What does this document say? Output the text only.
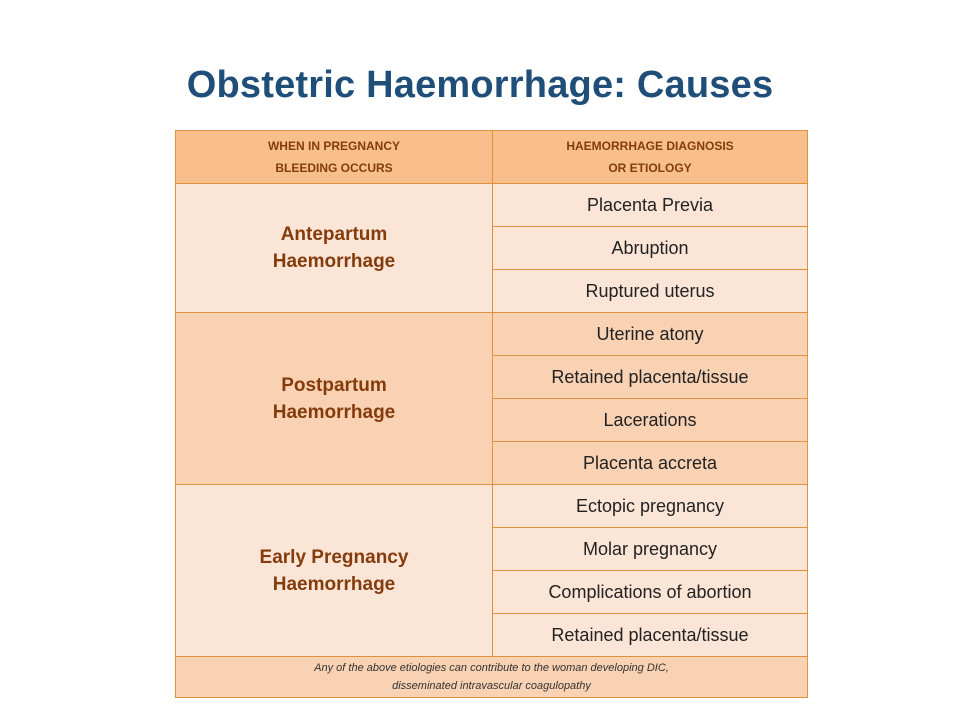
Obstetric Haemorrhage: Causes
WHEN IN PREGNANCY
BLEEDING OCCURS	HAEMORRHAGE DIAGNOSIS
OR ETIOLOGY

Antepartum
Haemorrhage	Placenta Previa
	Abruption
	Ruptured uterus

Postpartum
Haemorrhage	Uterine atony
	Retained placenta/tissue
	Lacerations
	Placenta accreta

Early Pregnancy
Haemorrhage	Ectopic pregnancy
	Molar pregnancy
	Complications of abortion
	Retained placenta/tissue

Any of the above etiologies can contribute to the woman developing DIC,
disseminated intravascular coagulopathy	
